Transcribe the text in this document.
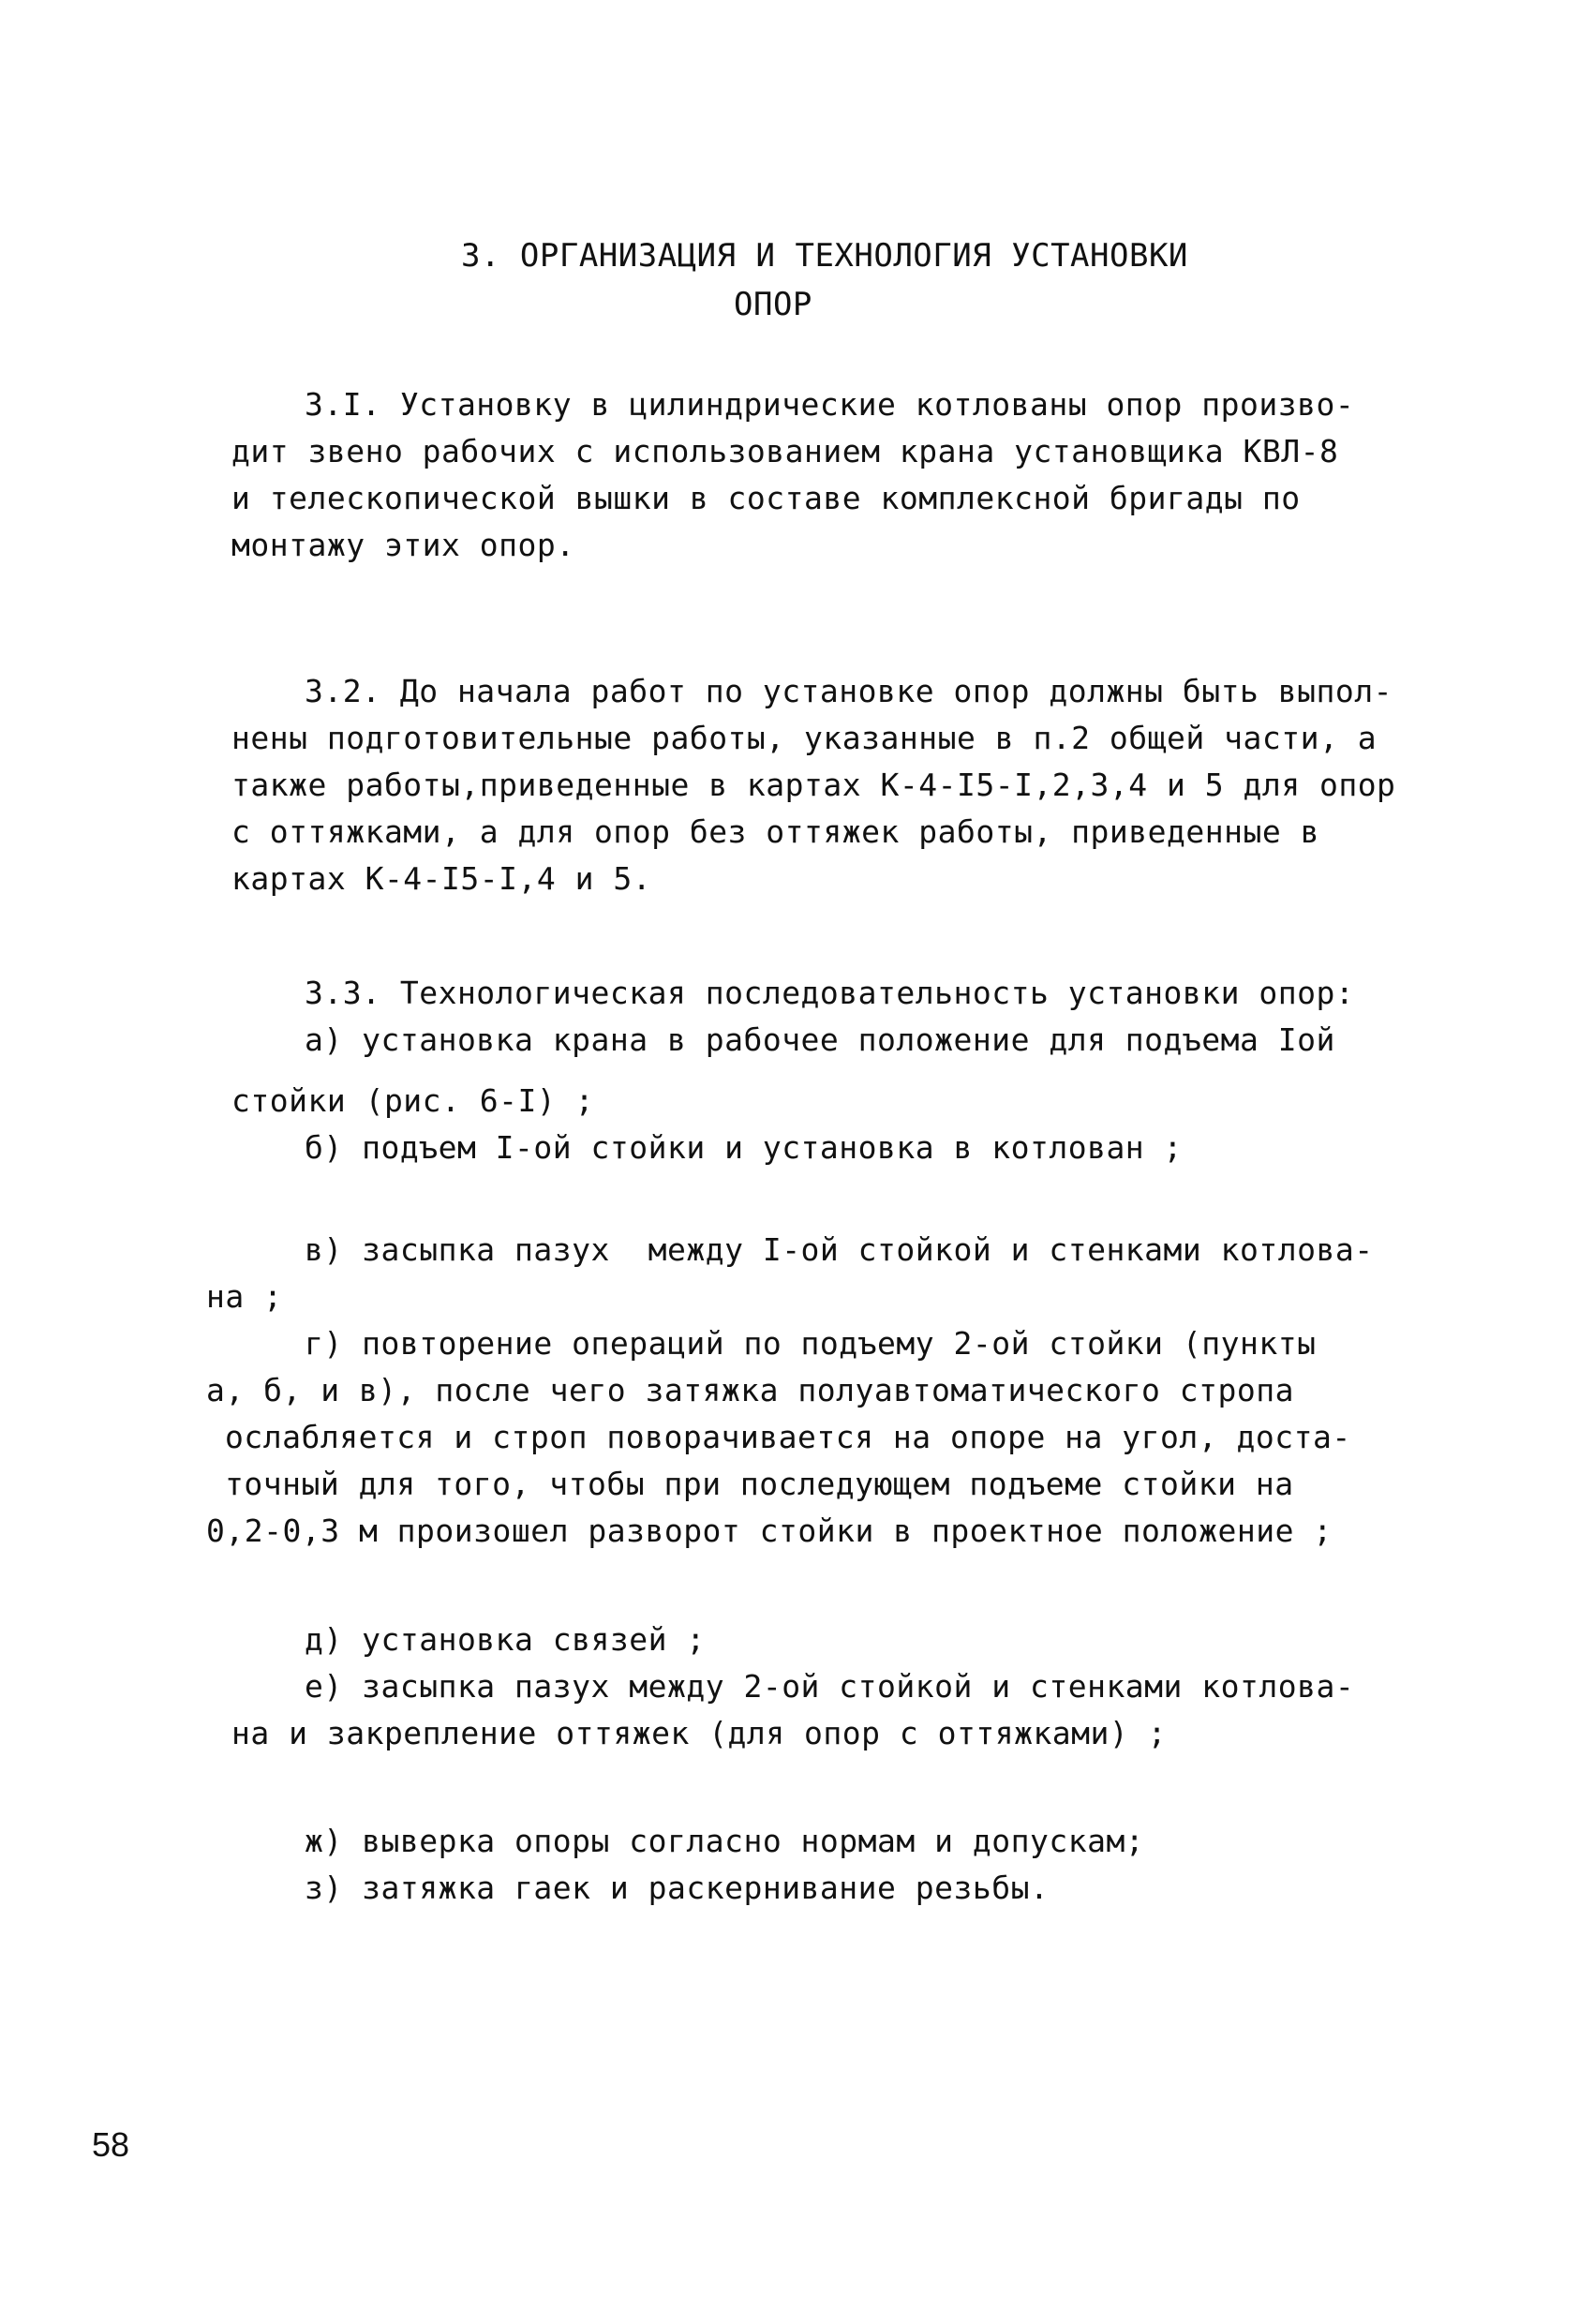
3. ОРГАНИЗАЦИЯ И ТЕХНОЛОГИЯ УСТАНОВКИ
ОПОР
3.I. Установку в цилиндрические котлованы опор произво-
дит звено рабочих с использованием крана установщика КВЛ-8
и телескопической вышки в составе комплексной бригады по
монтажу этих опор.
3.2. До начала работ по установке опор должны быть выпол-
нены подготовительные работы, указанные в п.2 общей части, а
также работы,приведенные в картах К-4-I5-I,2,3,4 и 5 для опор
с оттяжками, а для опор без оттяжек работы, приведенные в
картах К-4-I5-I,4 и 5.
3.3. Технологическая последовательность установки опор:
а) установка крана в рабочее положение для подъема Iой
стойки (рис. 6-I) ;
б) подъем I-ой стойки и установка в котлован ;
в) засыпка пазух  между I-ой стойкой и стенками котлова-
на ;
г) повторение операций по подъему 2-ой стойки (пункты
а, б, и в), после чего затяжка полуавтоматического стропа
ослабляется и строп поворачивается на опоре на угол, доста-
точный для того, чтобы при последующем подъеме стойки на
0,2-0,3 м произошел разворот стойки в проектное положение ;
д) установка связей ;
е) засыпка пазух между 2-ой стойкой и стенками котлова-
на и закрепление оттяжек (для опор с оттяжками) ;
ж) выверка опоры согласно нормам и допускам;
з) затяжка гаек и раскернивание резьбы.
58
